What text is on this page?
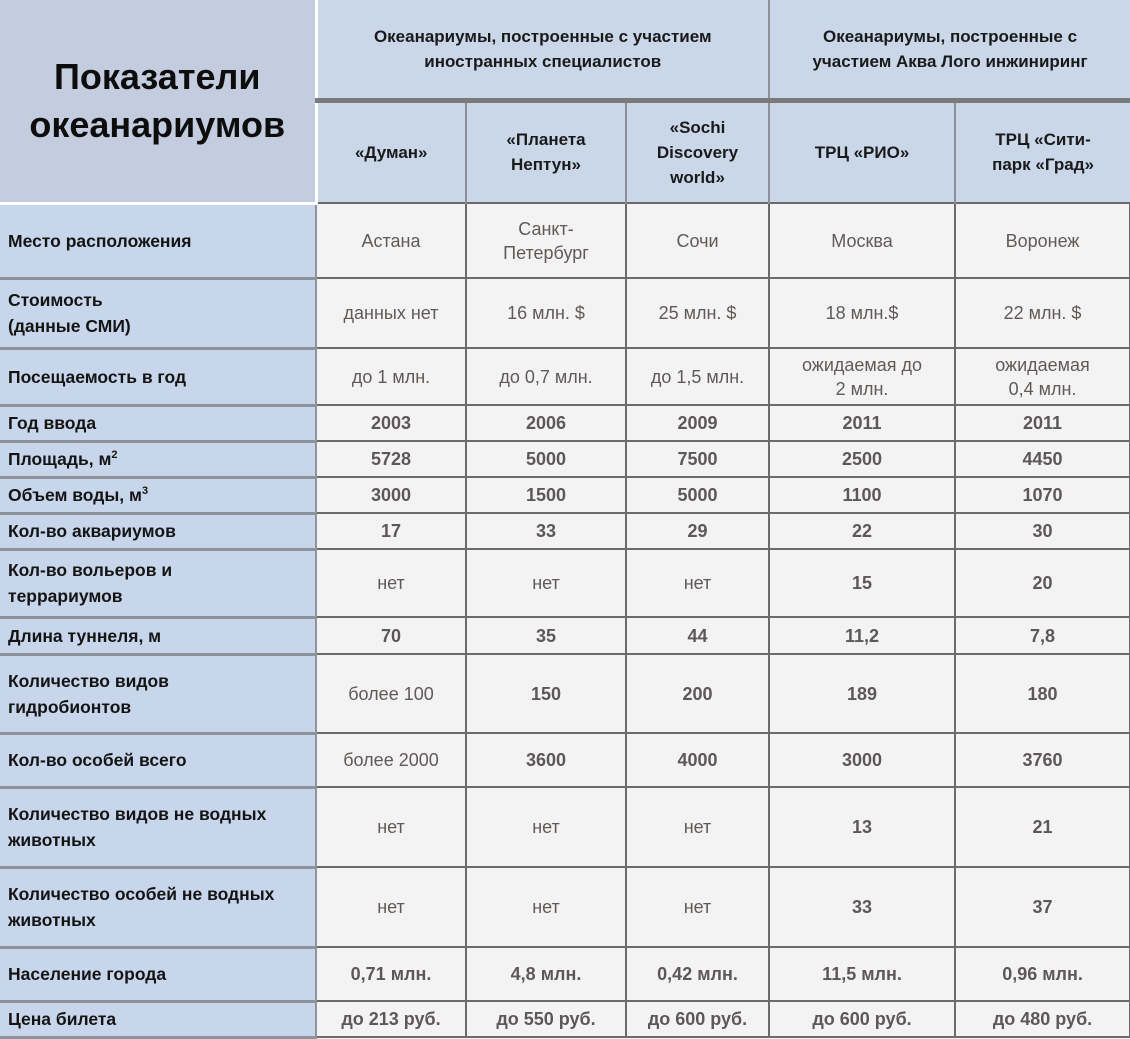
Показатели океанариумов	Океанариумы, построенные с участием иностранных специалистов			Океанариумы, построенные с участием Аква Лого инжиниринг	

	«Думан»	«Планета Нептун»	«Sochi Discovery world»	ТРЦ «РИО»	ТРЦ «Сити-парк «Град»

Место расположения	Астана	Санкт-Петербург	Сочи	Москва	Воронеж

Стоимость (данные СМИ)	данных нет	16 млн. $	25 млн. $	18 млн.$	22 млн. $

Посещаемость в год	до 1 млн.	до 0,7 млн.	до 1,5 млн.	ожидаемая до 2 млн.	ожидаемая 0,4 млн.

Год ввода	2003	2006	2009	2011	2011

Площадь, $м^2$	5728	5000	7500	2500	4450

Объем воды, $м^3$	3000	1500	5000	1100	1070

Кол-во аквариумов	17	33	29	22	30

Кол-во вольеров и террариумов	нет	нет	нет	15	20

Длина туннеля, м	70	35	44	11,2	7,8

Количество видов гидробионтов	более 100	150	200	189	180

Кол-во особей всего	более 2000	3600	4000	3000	3760

Количество видов не водных животных	нет	нет	нет	13	21

Количество особей не водных животных	нет	нет	нет	33	37

Население города	0,71 млн.	4,8 млн.	0,42 млн.	11,5 млн.	0,96 млн.

Цена билета	до 213 руб.	до 550 руб.	до 600 руб.	до 600 руб.	до 480 руб.
